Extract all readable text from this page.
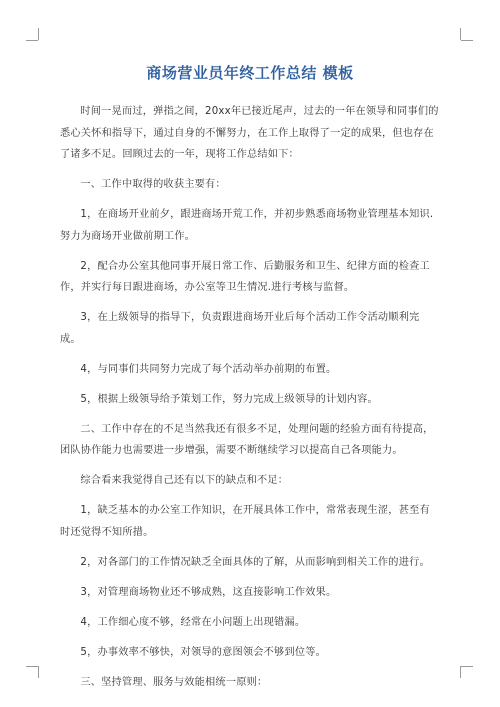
商场营业员年终工作总结 模板

时间一晃而过，弹指之间，20xx年已接近尾声，过去的一年在领导和同事们的悉心关怀和指导下，通过自身的不懈努力，在工作上取得了一定的成果，但也存在了诸多不足。回顾过去的一年，现将工作总结如下：

一、工作中取得的收获主要有：

1，在商场开业前夕，跟进商场开荒工作，并初步熟悉商场物业管理基本知识.努力为商场开业做前期工作。

2，配合办公室其他同事开展日常工作、后勤服务和卫生、纪律方面的检查工作，并实行每日跟进商场，办公室等卫生情况.进行考核与监督。

3，在上级领导的指导下，负责跟进商场开业后每个活动工作令活动顺利完成。

4，与同事们共同努力完成了每个活动举办前期的布置。

5，根据上级领导给予策划工作，努力完成上级领导的计划内容。

二、工作中存在的不足当然我还有很多不足，处理问题的经验方面有待提高，团队协作能力也需要进一步增强，需要不断继续学习以提高自己各项能力。

综合看来我觉得自己还有以下的缺点和不足：

1，缺乏基本的办公室工作知识，在开展具体工作中，常常表现生涩，甚至有时还觉得不知所措。

2，对各部门的工作情况缺乏全面具体的了解，从而影响到相关工作的进行。

3，对管理商场物业还不够成熟，这直接影响工作效果。

4，工作细心度不够，经常在小问题上出现错漏。

5，办事效率不够快，对领导的意图领会不够到位等。

三、坚持管理、服务与效能相统一原则：
